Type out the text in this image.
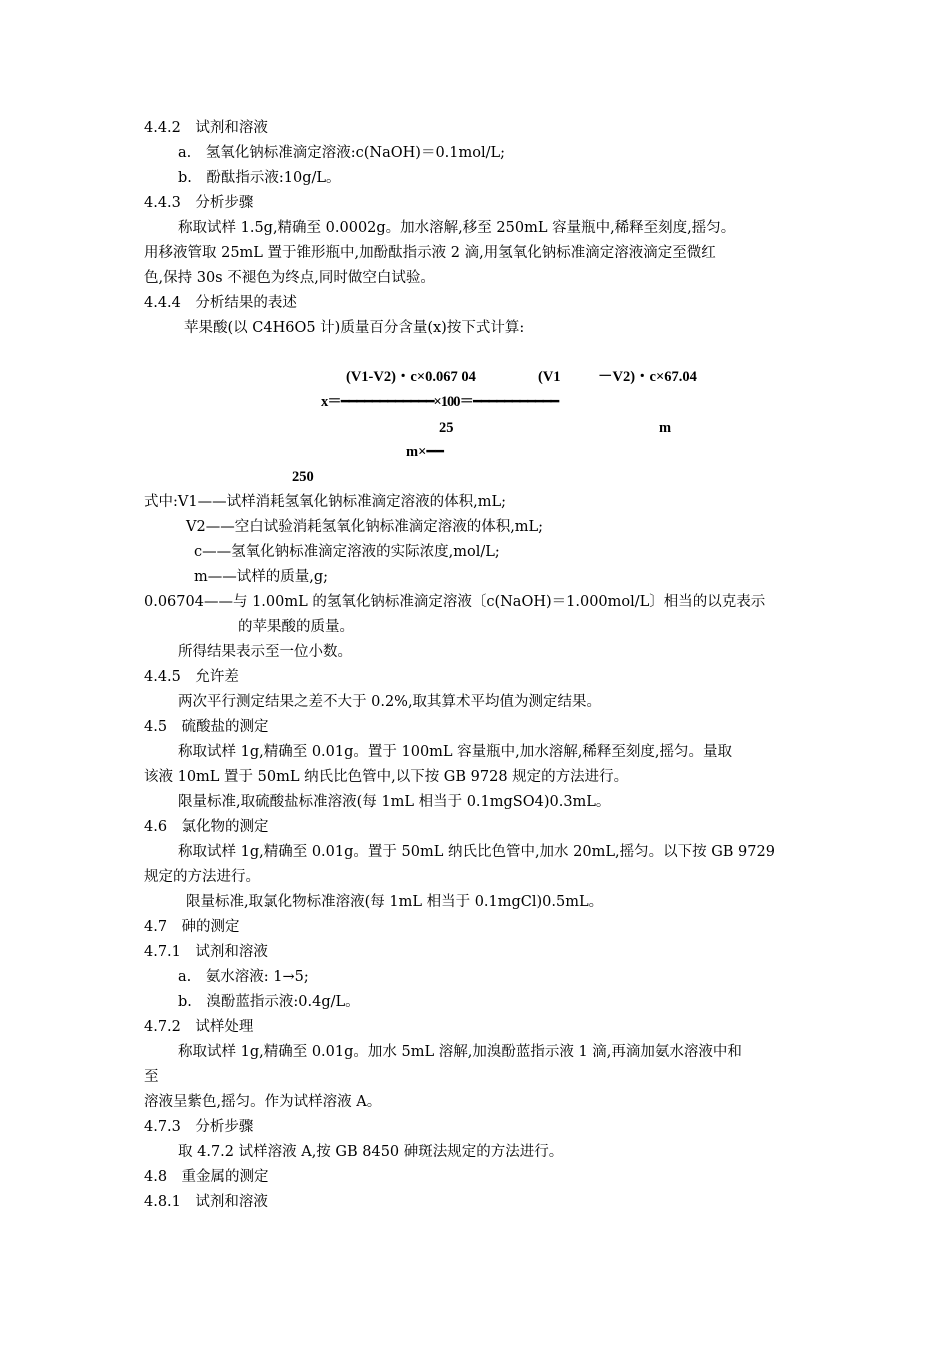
4.4.2　试剂和溶液
a.　氢氧化钠标准滴定溶液:c(NaOH)＝0.1mol/L;
b.　酚酞指示液:10g/L。
4.4.3　分析步骤
称取试样 1.5g,精确至 0.0002g。加水溶解,移至 250mL 容量瓶中,稀释至刻度,摇匀。
用移液管取 25mL 置于锥形瓶中,加酚酞指示液 2 滴,用氢氧化钠标准滴定溶液滴定至微红
色,保持 30s 不褪色为终点,同时做空白试验。
4.4.4　分析结果的表述
苹果酸(以 C4H6O5 计)质量百分含量(x)按下式计算:
(V1-V2)・c×0.067 04	(V1	－V2)・c×67.04
x＝━━━━━━━━━━━━×100＝━━━━━━━━━━━
25	m
m×━━
250
式中:V1——试样消耗氢氧化钠标准滴定溶液的体积,mL;
V2——空白试验消耗氢氧化钠标准滴定溶液的体积,mL;
c——氢氧化钠标准滴定溶液的实际浓度,mol/L;
m——试样的质量,g;
0.06704——与 1.00mL 的氢氧化钠标准滴定溶液〔c(NaOH)＝1.000mol/L〕相当的以克表示
的苹果酸的质量。
所得结果表示至一位小数。
4.4.5　允许差
两次平行测定结果之差不大于 0.2%,取其算术平均值为测定结果。
4.5　硫酸盐的测定
称取试样 1g,精确至 0.01g。置于 100mL 容量瓶中,加水溶解,稀释至刻度,摇匀。量取
该液 10mL 置于 50mL 纳氏比色管中,以下按 GB 9728 规定的方法进行。
限量标准,取硫酸盐标准溶液(每 1mL 相当于 0.1mgSO4)0.3mL。
4.6　氯化物的测定
称取试样 1g,精确至 0.01g。置于 50mL 纳氏比色管中,加水 20mL,摇匀。以下按 GB 9729
规定的方法进行。
限量标准,取氯化物标准溶液(每 1mL 相当于 0.1mgCl)0.5mL。
4.7　砷的测定
4.7.1　试剂和溶液
a.　氨水溶液: 1→5;
b.　溴酚蓝指示液:0.4g/L。
4.7.2　试样处理
称取试样 1g,精确至 0.01g。加水 5mL 溶解,加溴酚蓝指示液 1 滴,再滴加氨水溶液中和
至
溶液呈紫色,摇匀。作为试样溶液 A。
4.7.3　分析步骤
取 4.7.2 试样溶液 A,按 GB 8450 砷斑法规定的方法进行。
4.8　重金属的测定
4.8.1　试剂和溶液
